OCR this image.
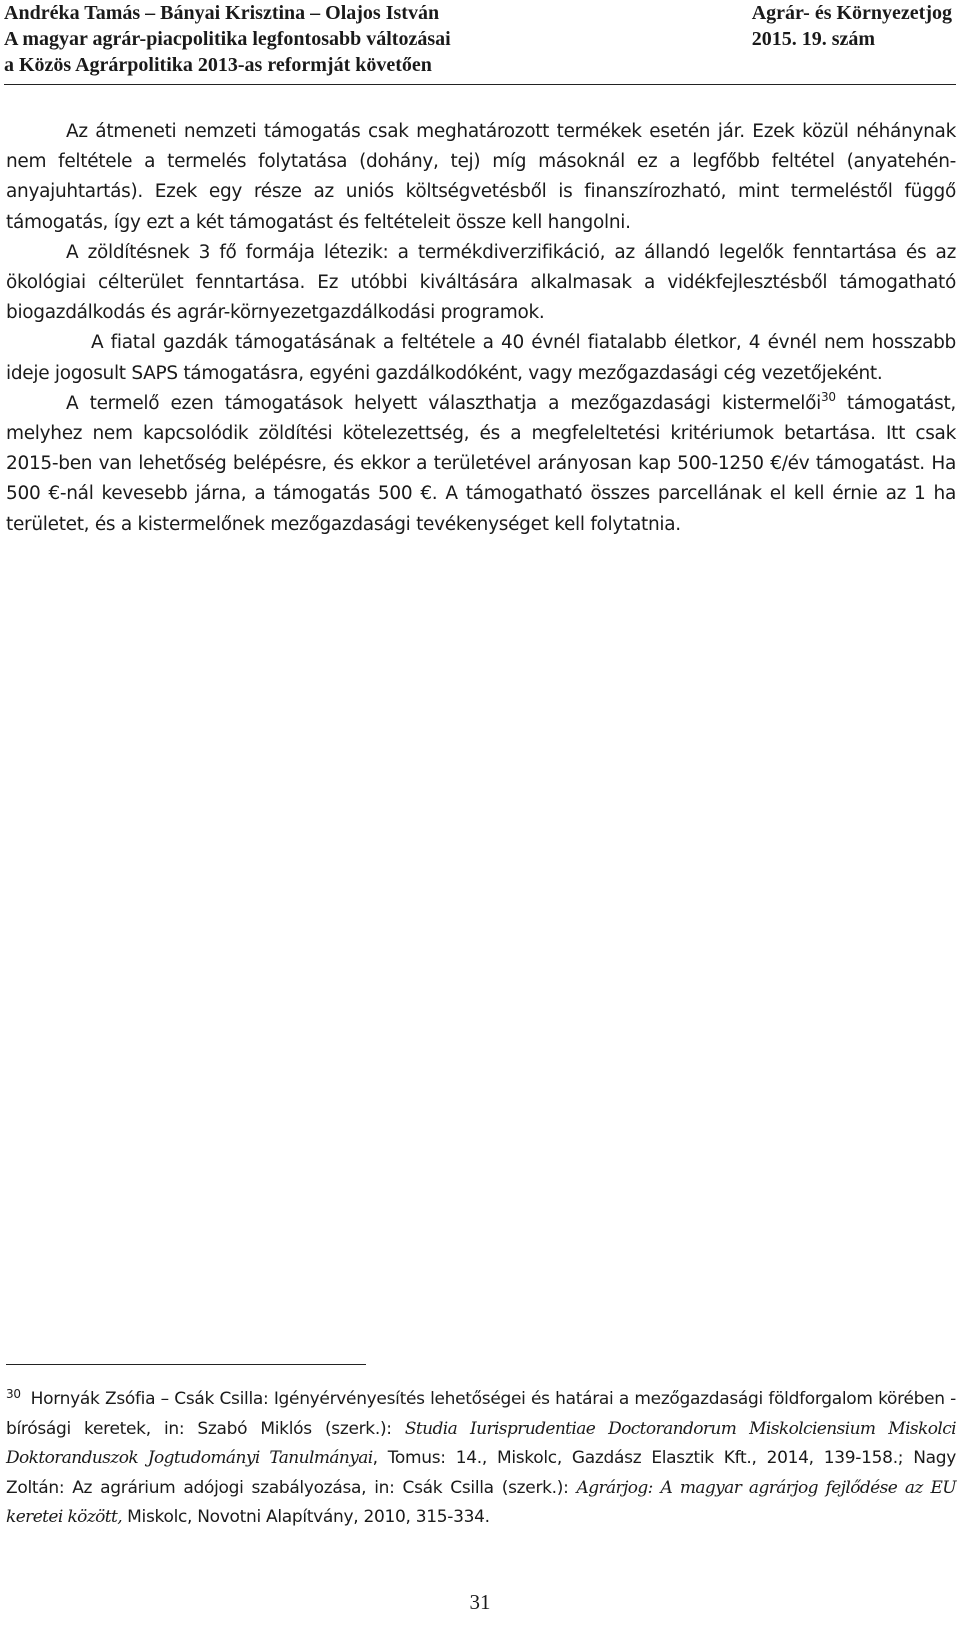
Andréka Tamás – Bányai Krisztina – Olajos István
A magyar agrár-piacpolitika legfontosabb változásai
a Közös Agrárpolitika 2013-as reformját követően

Agrár- és Környezetjog
2015. 19. szám

Az átmeneti nemzeti támogatás csak meghatározott termékek esetén jár. Ezek közül néhánynak nem feltétele a termelés folytatása (dohány, tej) míg másoknál ez a legfőbb feltétel (anyatehén- anyajuhtartás). Ezek egy része az uniós költségvetésből is finanszírozható, mint termeléstől függő támogatás, így ezt a két támogatást és feltételeit össze kell hangolni.

A zöldítésnek 3 fő formája létezik: a termékdiverzifikáció, az állandó legelők fenntartása és az ökológiai célterület fenntartása. Ez utóbbi kiváltására alkalmasak a vidékfejlesztésből támogatható biogazdálkodás és agrár-környezetgazdálkodási programok.

A fiatal gazdák támogatásának a feltétele a 40 évnél fiatalabb életkor, 4 évnél nem hosszabb ideje jogosult SAPS támogatásra, egyéni gazdálkodóként, vagy mezőgazdasági cég vezetőjeként.

A termelő ezen támogatások helyett választhatja a mezőgazdasági kistermelői$^{30}$ támogatást, melyhez nem kapcsolódik zöldítési kötelezettség, és a megfeleltetési kritériumok betartása. Itt csak 2015-ben van lehetőség belépésre, és ekkor a területével arányosan kap 500-1250 €/év támogatást. Ha 500 €-nál kevesebb járna, a támogatás 500 €. A támogatható összes parcellának el kell érnie az 1 ha területet, és a kistermelőnek mezőgazdasági tevékenységet kell folytatnia.

$^{30}$ Hornyák Zsófia – Csák Csilla: Igényérvényesítés lehetőségei és határai a mezőgazdasági földforgalom körében - bírósági keretek, in: Szabó Miklós (szerk.): Studia Iurisprudentiae Doctorandorum Miskolciensium Miskolci Doktoranduszok Jogtudományi Tanulmányai, Tomus: 14., Miskolc, Gazdász Elasztik Kft., 2014, 139-158.; Nagy Zoltán: Az agrárium adójogi szabályozása, in: Csák Csilla (szerk.): Agrárjog: A magyar agrárjog fejlődése az EU keretei között, Miskolc, Novotni Alapítvány, 2010, 315-334.

31
